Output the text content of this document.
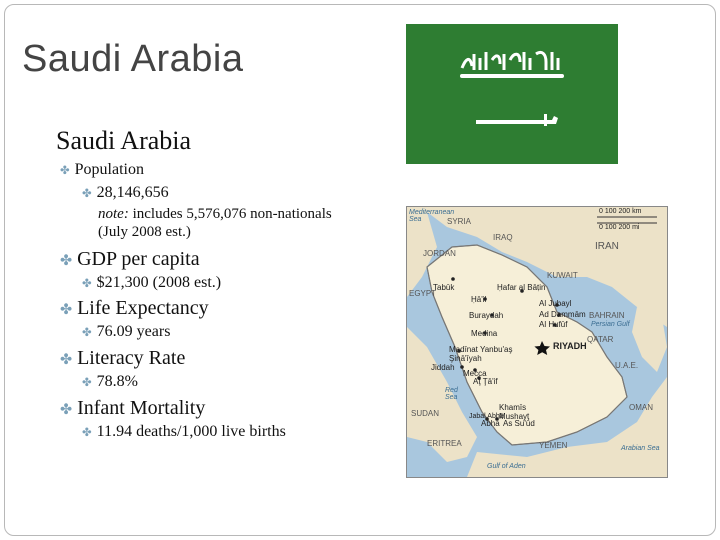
Saudi Arabia
Saudi Arabia
✤ Population
✤ 28,146,656
note: includes 5,576,076 non-nationals (July 2008 est.)
✤ GDP per capita
✤ $21,300 (2008 est.)
✤ Life Expectancy
✤ 76.09 years
✤ Literacy Rate
✤ 78.8%
✤ Infant Mortality
✤ 11.94 deaths/1,000 live births
0 100 200 km
0 100 200 mi
SYRIA
IRAQ
IRAN
JORDAN
EGYPT
KUWAIT
BAHRAIN
QATAR
U.A.E.
OMAN
SUDAN
ERITREA	YEMEN
Red Sea
Persian Gulf
Arabian Sea
Gulf of Aden
Mediterranean Sea
Tabūk	Ḥafar al Bāṭin
Ḥā'il	Al Jubayl
Buraydah	Ad Dammām
Al Hufūf
Medina
RIYADH
Madīnat Yanbu'aş Şinā'īyah
Jiddah
Mecca
Aţ Ţā'if
Khamīs Mushayţ
Jabal Abhā
Abhā As Su'ūd
